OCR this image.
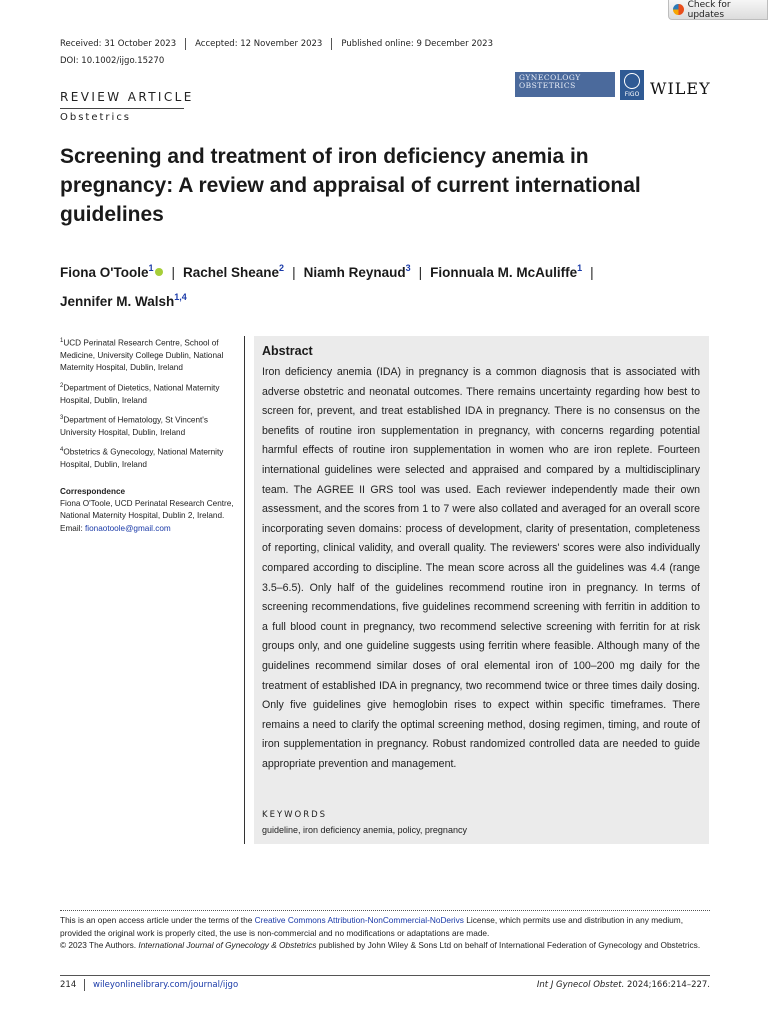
Check for updates
Received: 31 October 2023 Accepted: 12 November 2023 Published online: 9 December 2023
DOI: 10.1002/ijgo.15270
REVIEW ARTICLE
Obstetrics
GYNECOLOGY
OBSTETRICS
FIGO WILEY
Screening and treatment of iron deficiency anemia in pregnancy: A review and appraisal of current international guidelines
Fiona O'Toole$^1$ | Rachel Sheane$^2$ | Niamh Reynaud$^3$ | Fionnuala M. McAuliffe$^1$ |
Jennifer M. Walsh$^{1,4}$
$^1$UCD Perinatal Research Centre, School of Medicine, University College Dublin, National Maternity Hospital, Dublin, Ireland
$^2$Department of Dietetics, National Maternity Hospital, Dublin, Ireland
$^3$Department of Hematology, St Vincent's University Hospital, Dublin, Ireland
$^4$Obstetrics & Gynecology, National Maternity Hospital, Dublin, Ireland
Correspondence
Fiona O'Toole, UCD Perinatal Research Centre, National Maternity Hospital, Dublin 2, Ireland.
Email: fionaotoole@gmail.com
Abstract
Iron deficiency anemia (IDA) in pregnancy is a common diagnosis that is associated with adverse obstetric and neonatal outcomes. There remains uncertainty regarding how best to screen for, prevent, and treat established IDA in pregnancy. There is no consensus on the benefits of routine iron supplementation in pregnancy, with concerns regarding potential harmful effects of routine iron supplementation in women who are iron replete. Fourteen international guidelines were selected and appraised and compared by a multidisciplinary team. The AGREE II GRS tool was used. Each reviewer independently made their own assessment, and the scores from 1 to 7 were also collated and averaged for an overall score incorporating seven domains: process of development, clarity of presentation, completeness of reporting, clinical validity, and overall quality. The reviewers' scores were also individually compared according to discipline. The mean score across all the guidelines was 4.4 (range 3.5–6.5). Only half of the guidelines recommend routine iron in pregnancy. In terms of screening recommendations, five guidelines recommend screening with ferritin in addition to a full blood count in pregnancy, two recommend selective screening with ferritin for at risk groups only, and one guideline suggests using ferritin where feasible. Although many of the guidelines recommend similar doses of oral elemental iron of 100–200 mg daily for the treatment of established IDA in pregnancy, two recommend twice or three times daily dosing. Only five guidelines give hemoglobin rises to expect within specific timeframes. There remains a need to clarify the optimal screening method, dosing regimen, timing, and route of iron supplementation in pregnancy. Robust randomized controlled data are needed to guide appropriate prevention and management.
KEYWORDS
guideline, iron deficiency anemia, policy, pregnancy
This is an open access article under the terms of the Creative Commons Attribution-NonCommercial-NoDerivs License, which permits use and distribution in any medium, provided the original work is properly cited, the use is non-commercial and no modifications or adaptations are made.
© 2023 The Authors. International Journal of Gynecology & Obstetrics published by John Wiley & Sons Ltd on behalf of International Federation of Gynecology and Obstetrics.
214 wileyonlinelibrary.com/journal/ijgo	Int J Gynecol Obstet. 2024;166:214–227.
